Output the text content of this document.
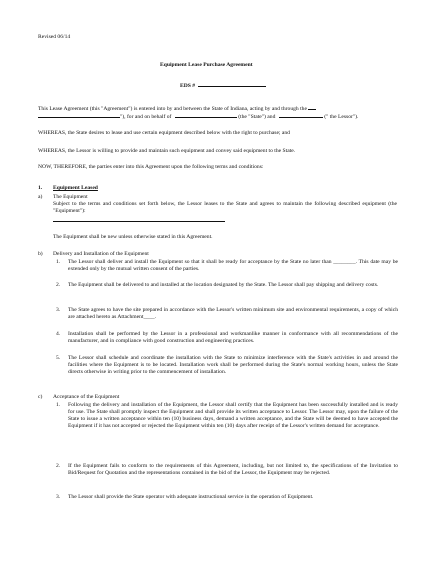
Revised 06/14
Equipment Lease Purchase Agreement
EDS #
This Lease Agreement (this "Agreement") is entered into by and between the State of Indiana, acting by and through the
"), for and on behalf of	(the "State") and	(" the Lessor").
WHEREAS, the State desires to lease and use certain equipment described below with the right to purchase; and
WHEREAS, the Lessor is willing to provide and maintain such equipment and convey said equipment to the State.
NOW, THEREFORE, the parties enter into this Agreement upon the following terms and conditions:
1. Equipment Leased
a) The Equipment
Subject to the terms and conditions set forth below, the Lessor leases to the State and agrees to maintain the following described equipment (the "Equipment"):
The Equipment shall be new unless otherwise stated in this Agreement.
b) Delivery and Installation of the Equipment
1. The Lessor shall deliver and install the Equipment so that it shall be ready for acceptance by the State no later than ________. This date may be extended only by the mutual written consent of the parties.
2. The Equipment shall be delivered to and installed at the location designated by the State. The Lessor shall pay shipping and delivery costs.
3. The State agrees to have the site prepared in accordance with the Lessor's written minimum site and environmental requirements, a copy of which are attached hereto as Attachment____.
4. Installation shall be performed by the Lessor in a professional and workmanlike manner in conformance with all recommendations of the manufacturer, and in compliance with good construction and engineering practices.
5. The Lessor shall schedule and coordinate the installation with the State to minimize interference with the State's activities in and around the facilities where the Equipment is to be located. Installation work shall be performed during the State's normal working hours, unless the State directs otherwise in writing prior to the commencement of installation.
c) Acceptance of the Equipment
1. Following the delivery and installation of the Equipment, the Lessor shall certify that the Equipment has been successfully installed and is ready for use. The State shall promptly inspect the Equipment and shall provide its written acceptance to Lessor. The Lessor may, upon the failure of the State to issue a written acceptance within ten (10) business days, demand a written acceptance, and the State will be deemed to have accepted the Equipment if it has not accepted or rejected the Equipment within ten (10) days after receipt of the Lessor's written demand for acceptance.
2. If the Equipment fails to conform to the requirements of this Agreement, including, but not limited to, the specifications of the Invitation to Bid/Request for Quotation and the representations contained in the bid of the Lessor, the Equipment may be rejected.
3. The Lessor shall provide the State operator with adequate instructional service in the operation of Equipment.
